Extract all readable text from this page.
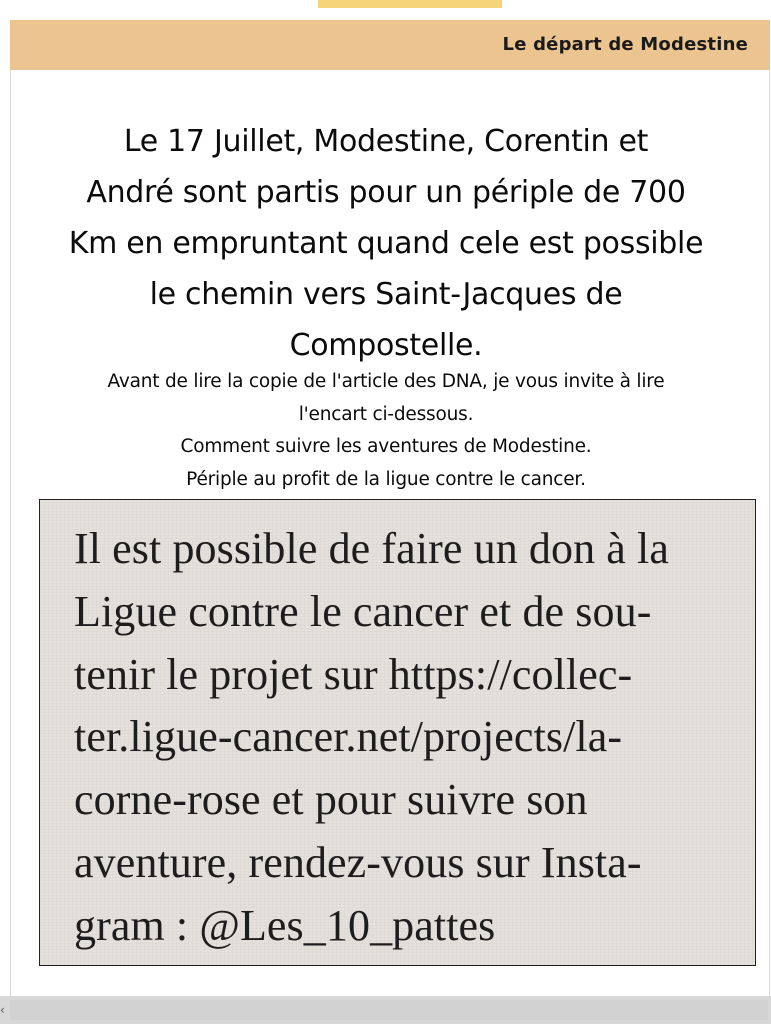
Le départ de Modestine
Le 17 Juillet, Modestine, Corentin et
André sont partis pour un périple de 700
Km en empruntant quand cele est possible
le chemin vers Saint-Jacques de
Compostelle.
Avant de lire la copie de l'article des DNA, je vous invite à lire
l'encart ci-dessous.
Comment suivre les aventures de Modestine.
Périple au profit de la ligue contre le cancer.
Il est possible de faire un don à la
Ligue contre le cancer et de sou-
tenir le projet sur https://collec-
ter.ligue-cancer.net/projects/la-
corne-rose et pour suivre son
aventure, rendez-vous sur Insta-
gram : @Les_10_pattes
‹
